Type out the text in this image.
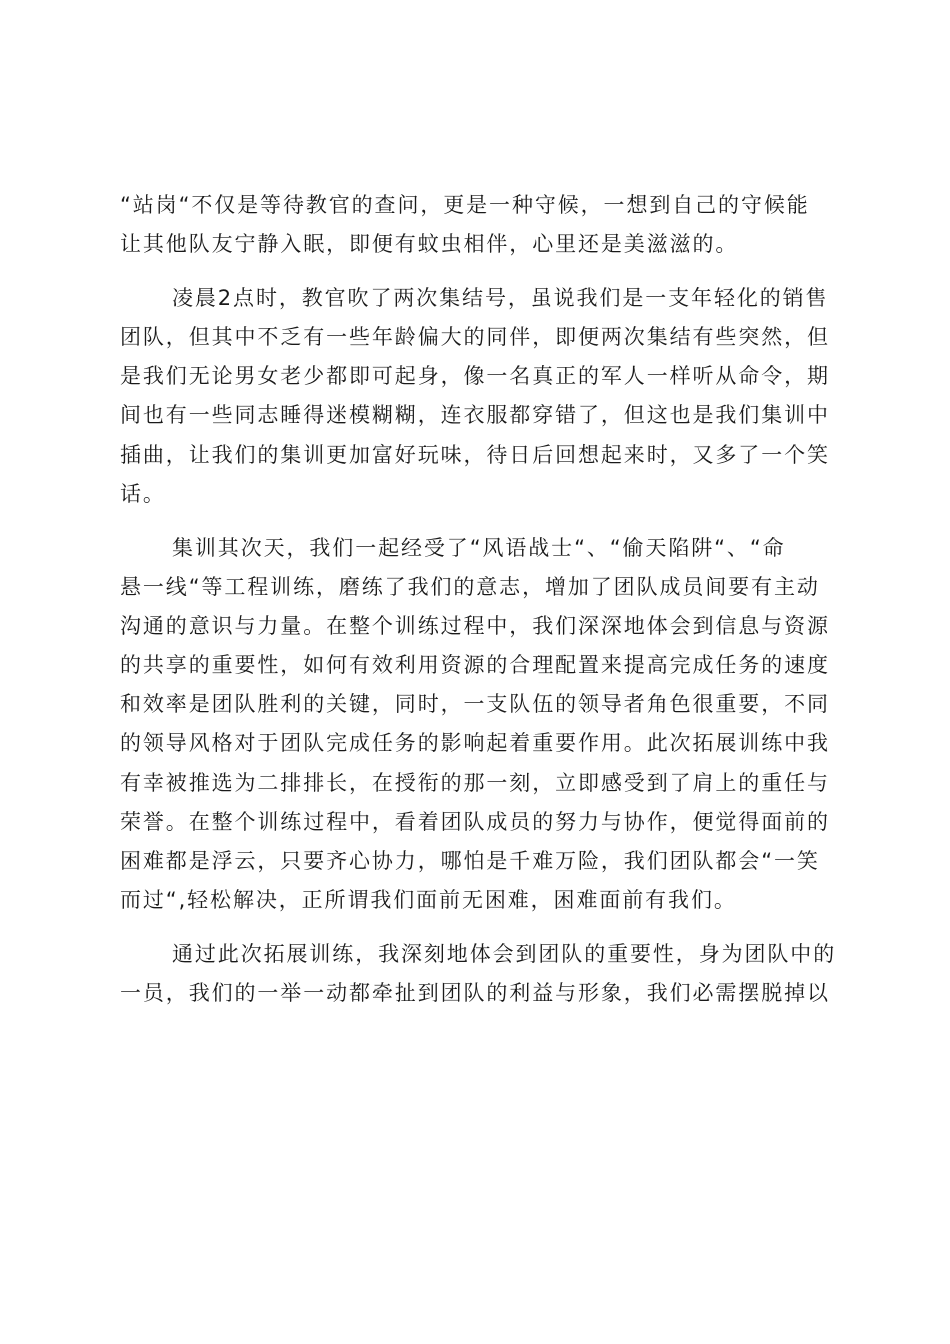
“站岗“不仅是等待教官的查问，更是一种守候，一想到自己的守候能
让其他队友宁静入眠，即便有蚊虫相伴，心里还是美滋滋的。
凌晨2点时，教官吹了两次集结号，虽说我们是一支年轻化的销售
团队，但其中不乏有一些年龄偏大的同伴，即便两次集结有些突然，但
是我们无论男女老少都即可起身，像一名真正的军人一样听从命令，期
间也有一些同志睡得迷模糊糊，连衣服都穿错了，但这也是我们集训中
插曲，让我们的集训更加富好玩味，待日后回想起来时，又多了一个笑
话。
集训其次天，我们一起经受了“风语战士“、“偷天陷阱“、“命
悬一线“等工程训练，磨练了我们的意志，增加了团队成员间要有主动
沟通的意识与力量。在整个训练过程中，我们深深地体会到信息与资源
的共享的重要性，如何有效利用资源的合理配置来提高完成任务的速度
和效率是团队胜利的关键，同时，一支队伍的领导者角色很重要，不同
的领导风格对于团队完成任务的影响起着重要作用。此次拓展训练中我
有幸被推选为二排排长，在授衔的那一刻，立即感受到了肩上的重任与
荣誉。在整个训练过程中，看着团队成员的努力与协作，便觉得面前的
困难都是浮云，只要齐心协力，哪怕是千难万险，我们团队都会“一笑
而过“,轻松解决，正所谓我们面前无困难，困难面前有我们。
通过此次拓展训练，我深刻地体会到团队的重要性，身为团队中的
一员，我们的一举一动都牵扯到团队的利益与形象，我们必需摆脱掉以
